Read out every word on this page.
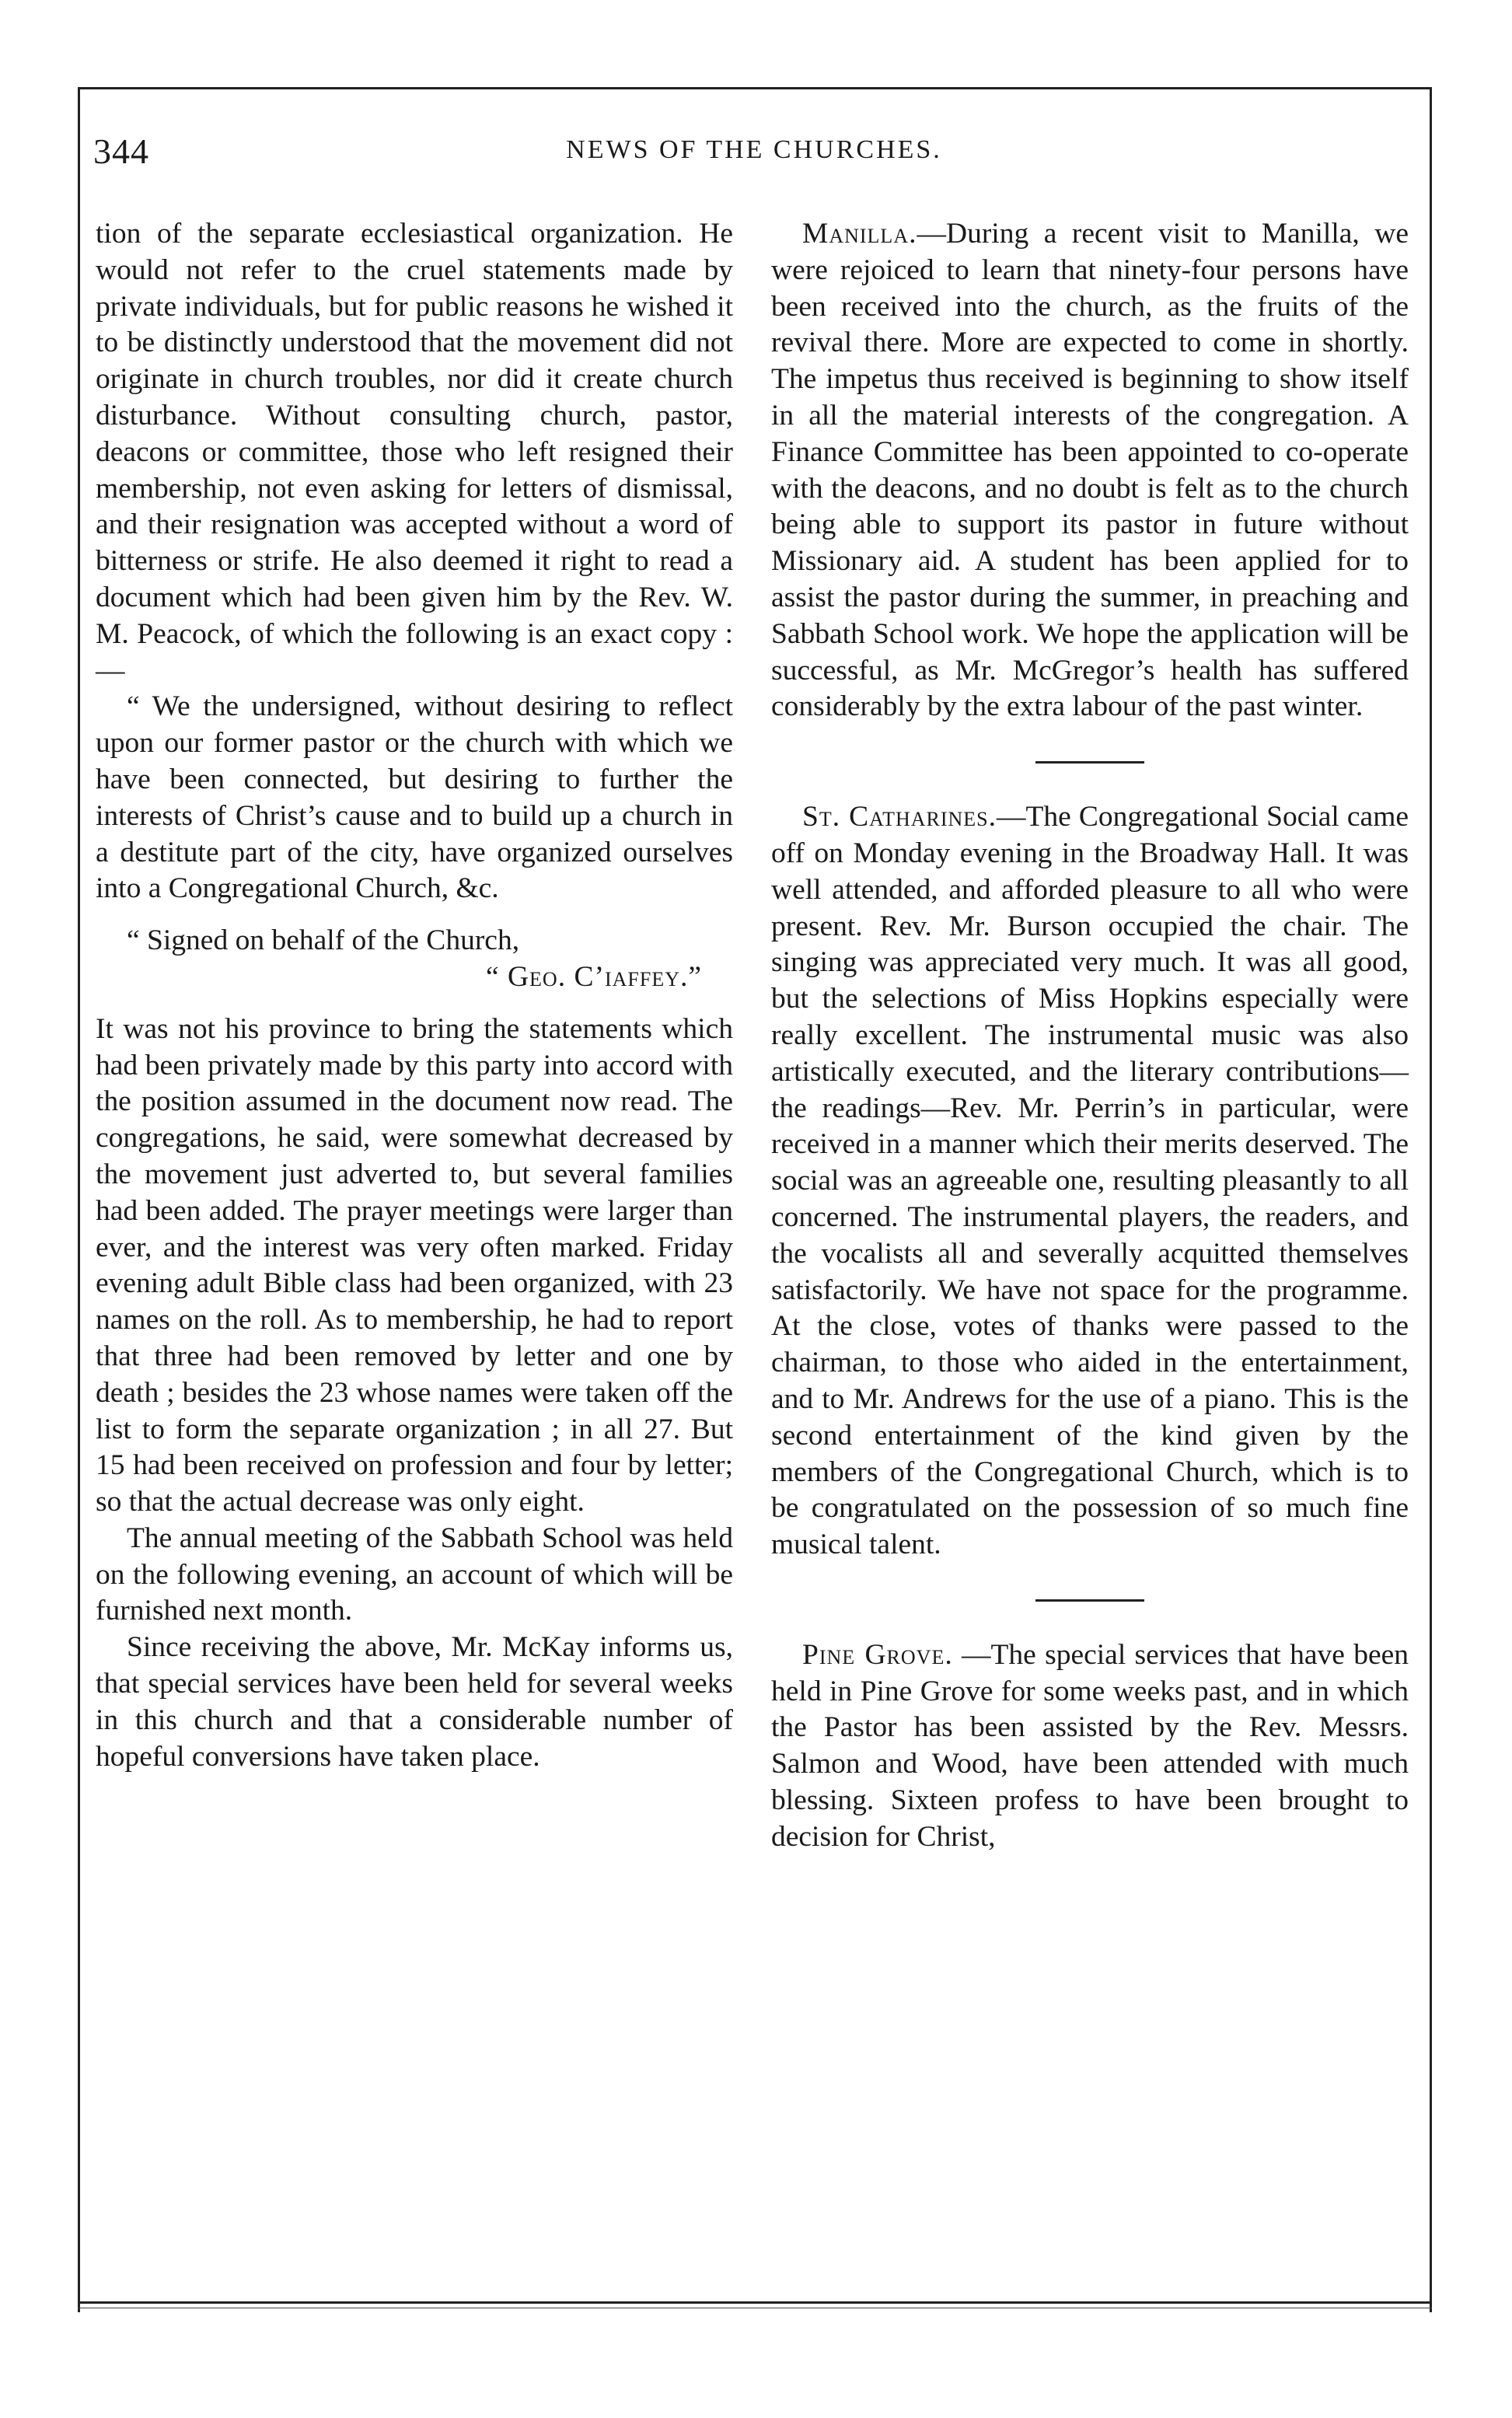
344	NEWS OF THE CHURCHES.

tion of the separate ecclesiastical organization. He would not refer to the cruel statements made by private individuals, but for public reasons he wished it to be distinctly understood that the movement did not originate in church troubles, nor did it create church disturbance. Without consulting church, pastor, deacons or committee, those who left resigned their membership, not even asking for letters of dismissal, and their resignation was accepted without a word of bitterness or strife. He also deemed it right to read a document which had been given him by the Rev. W. M. Peacock, of which the following is an exact copy :—

“ We the undersigned, without desiring to reflect upon our former pastor or the church with which we have been connected, but desiring to further the interests of Christ’s cause and to build up a church in a destitute part of the city, have organized ourselves into a Congregational Church, &c.

“ Signed on behalf of the Church,

“ Geo. C’iaffey.”

It was not his province to bring the statements which had been privately made by this party into accord with the position assumed in the document now read. The congregations, he said, were somewhat decreased by the movement just adverted to, but several families had been added. The prayer meetings were larger than ever, and the interest was very often marked. Friday evening adult Bible class had been organized, with 23 names on the roll. As to membership, he had to report that three had been removed by letter and one by death ; besides the 23 whose names were taken off the list to form the separate organization ; in all 27. But 15 had been received on profession and four by letter; so that the actual decrease was only eight.

The annual meeting of the Sabbath School was held on the following evening, an account of which will be furnished next month.

Since receiving the above, Mr. McKay informs us, that special services have been held for several weeks in this church and that a considerable number of hopeful conversions have taken place.

Manilla.—During a recent visit to Manilla, we were rejoiced to learn that ninety-four persons have been received into the church, as the fruits of the revival there. More are expected to come in shortly. The impetus thus received is beginning to show itself in all the material interests of the congregation. A Finance Committee has been appointed to co-operate with the deacons, and no doubt is felt as to the church being able to support its pastor in future without Missionary aid. A student has been applied for to assist the pastor during the summer, in preaching and Sabbath School work. We hope the application will be successful, as Mr. McGregor’s health has suffered considerably by the extra labour of the past winter.

St. Catharines.—The Congregational Social came off on Monday evening in the Broadway Hall. It was well attended, and afforded pleasure to all who were present. Rev. Mr. Burson occupied the chair. The singing was appreciated very much. It was all good, but the selections of Miss Hopkins especially were really excellent. The instrumental music was also artistically executed, and the literary contributions—the readings—Rev. Mr. Perrin’s in particular, were received in a manner which their merits deserved. The social was an agreeable one, resulting pleasantly to all concerned. The instrumental players, the readers, and the vocalists all and severally acquitted themselves satisfactorily. We have not space for the programme. At the close, votes of thanks were passed to the chairman, to those who aided in the entertainment, and to Mr. Andrews for the use of a piano. This is the second entertainment of the kind given by the members of the Congregational Church, which is to be congratulated on the possession of so much fine musical talent.

Pine Grove. —The special services that have been held in Pine Grove for some weeks past, and in which the Pastor has been assisted by the Rev. Messrs. Salmon and Wood, have been attended with much blessing. Sixteen profess to have been brought to decision for Christ,
